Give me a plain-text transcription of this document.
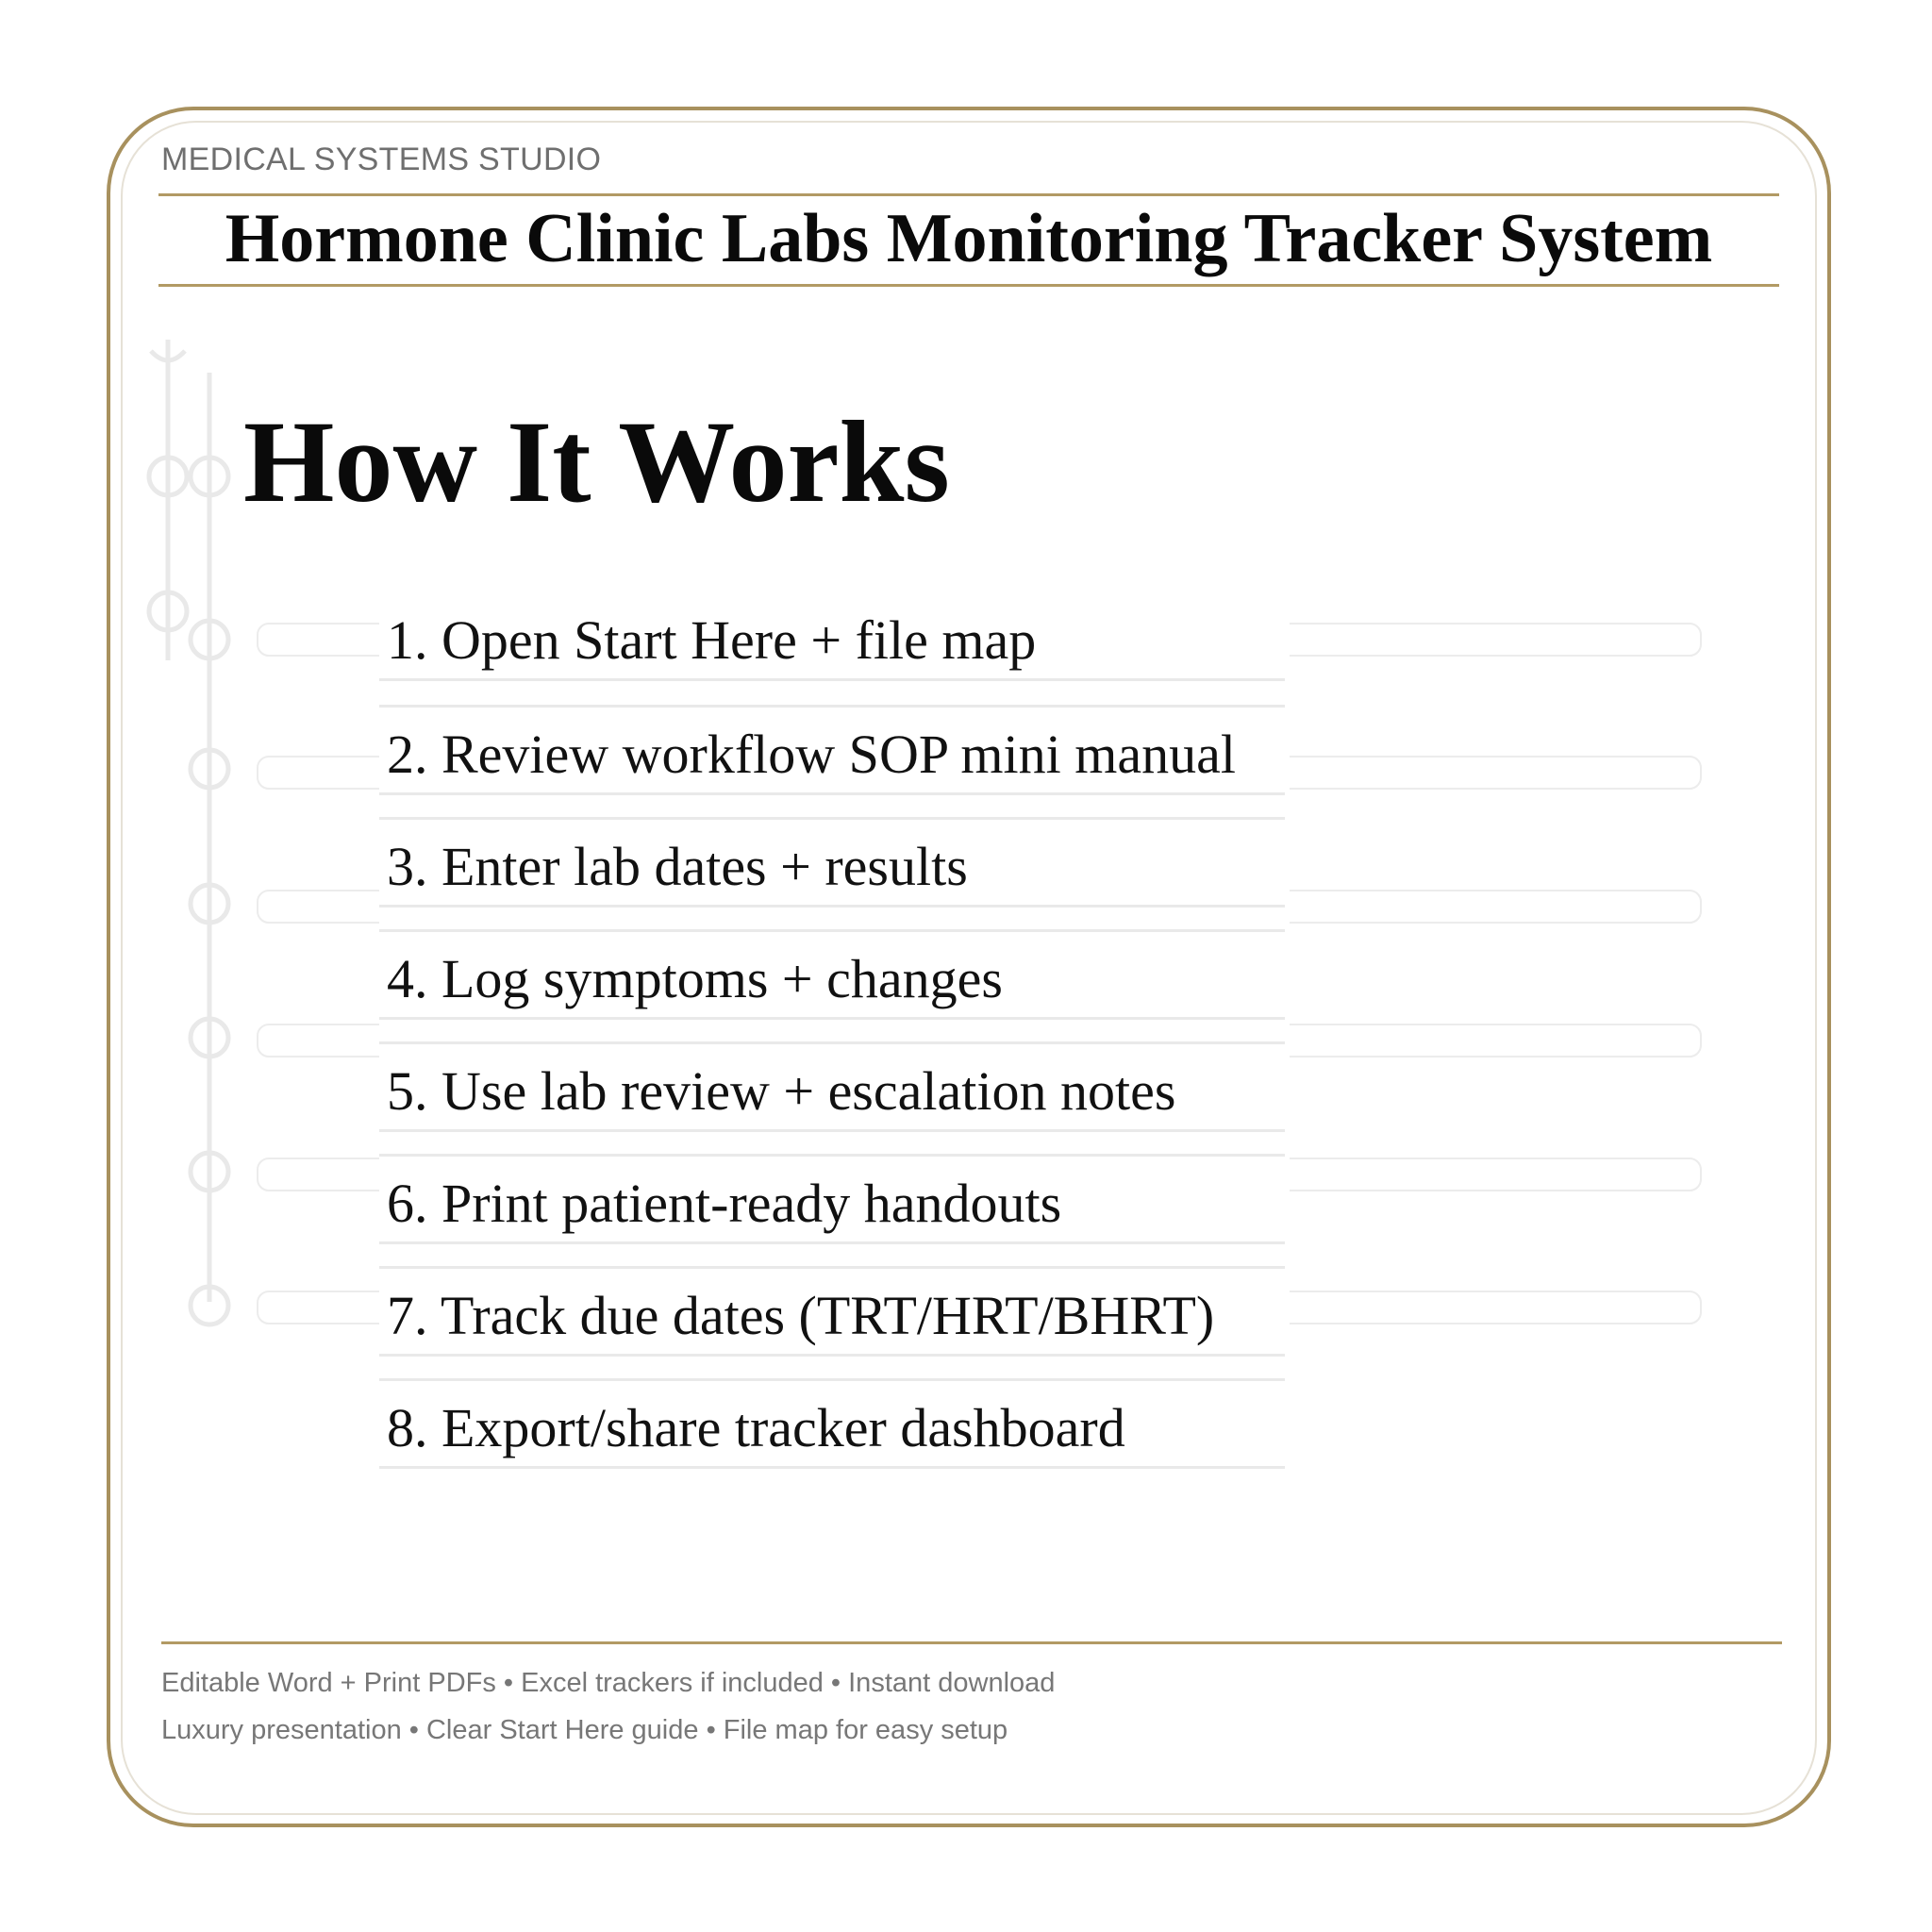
MEDICAL SYSTEMS STUDIO
Hormone Clinic Labs Monitoring Tracker System
How It Works
1. Open Start Here + file map
2. Review workflow SOP mini manual
3. Enter lab dates + results
4. Log symptoms + changes
5. Use lab review + escalation notes
6. Print patient-ready handouts
7. Track due dates (TRT/HRT/BHRT)
8. Export/share tracker dashboard
Editable Word + Print PDFs • Excel trackers if included • Instant download
Luxury presentation • Clear Start Here guide • File map for easy setup
